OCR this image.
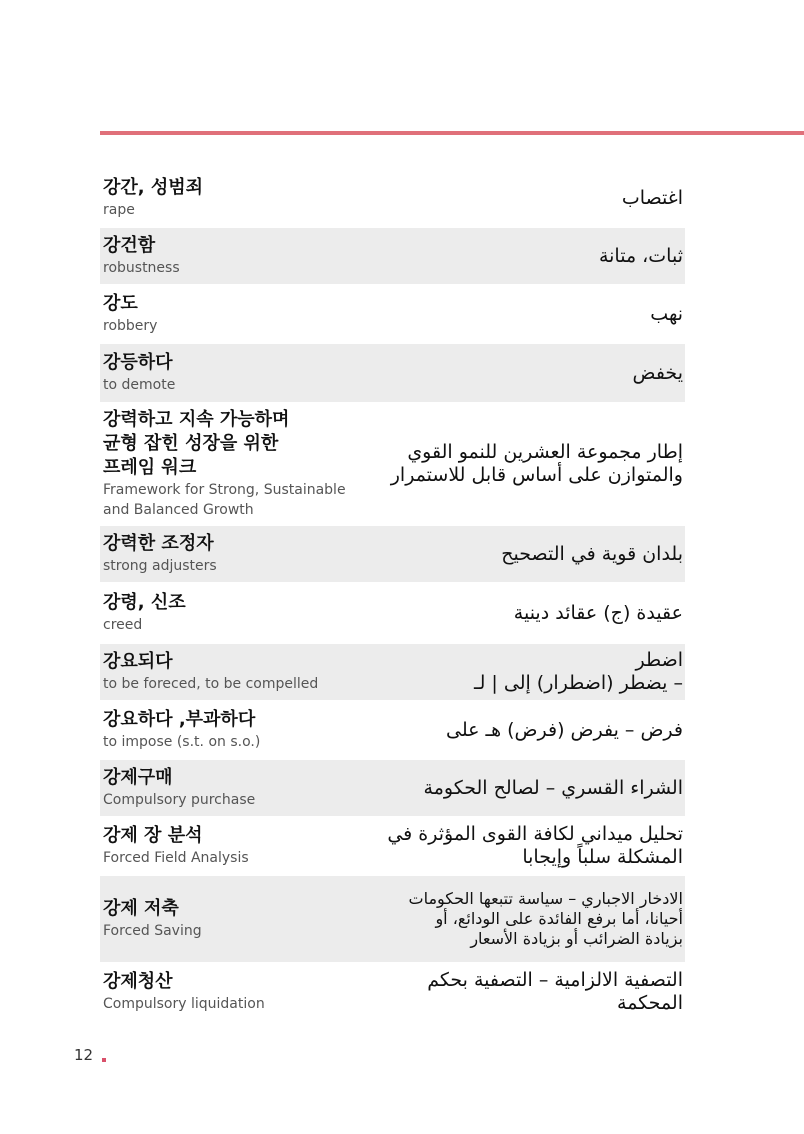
강간, 성범죄
rape
اغتصاب
강건함
robustness
ثبات، متانة
강도
robbery
نهب
강등하다
to demote
يخفض
강력하고 지속 가능하며
균형 잡힌 성장을 위한
프레임 워크
Framework for Strong, Sustainable
and Balanced Growth
إطار مجموعة العشرين للنمو القوي
والمتوازن على أساس قابل للاستمرار
강력한 조정자
strong adjusters
بلدان قوية في التصحيح
강령, 신조
creed
عقيدة (ج) عقائد دينية
강요되다
to be foreced, to be compelled
اضطر
– يضطر (اضطرار) إلى | لـ
강요하다 ,부과하다
to impose (s.t. on s.o.)
فرض – يفرض (فرض) هـ على
강제구매
Compulsory purchase
الشراء القسري – لصالح الحكومة
강제 장 분석
Forced Field Analysis
تحليل ميداني لكافة القوى المؤثرة في
المشكلة سلباً وإيجابا
강제 저축
Forced Saving
الادخار الاجباري – سياسة تتبعها الحكومات
أحيانا، أما برفع الفائدة على الودائع، أو
بزيادة الضرائب أو بزيادة الأسعار
강제청산
Compulsory liquidation
التصفية الالزامية – التصفية بحكم
المحكمة
12
